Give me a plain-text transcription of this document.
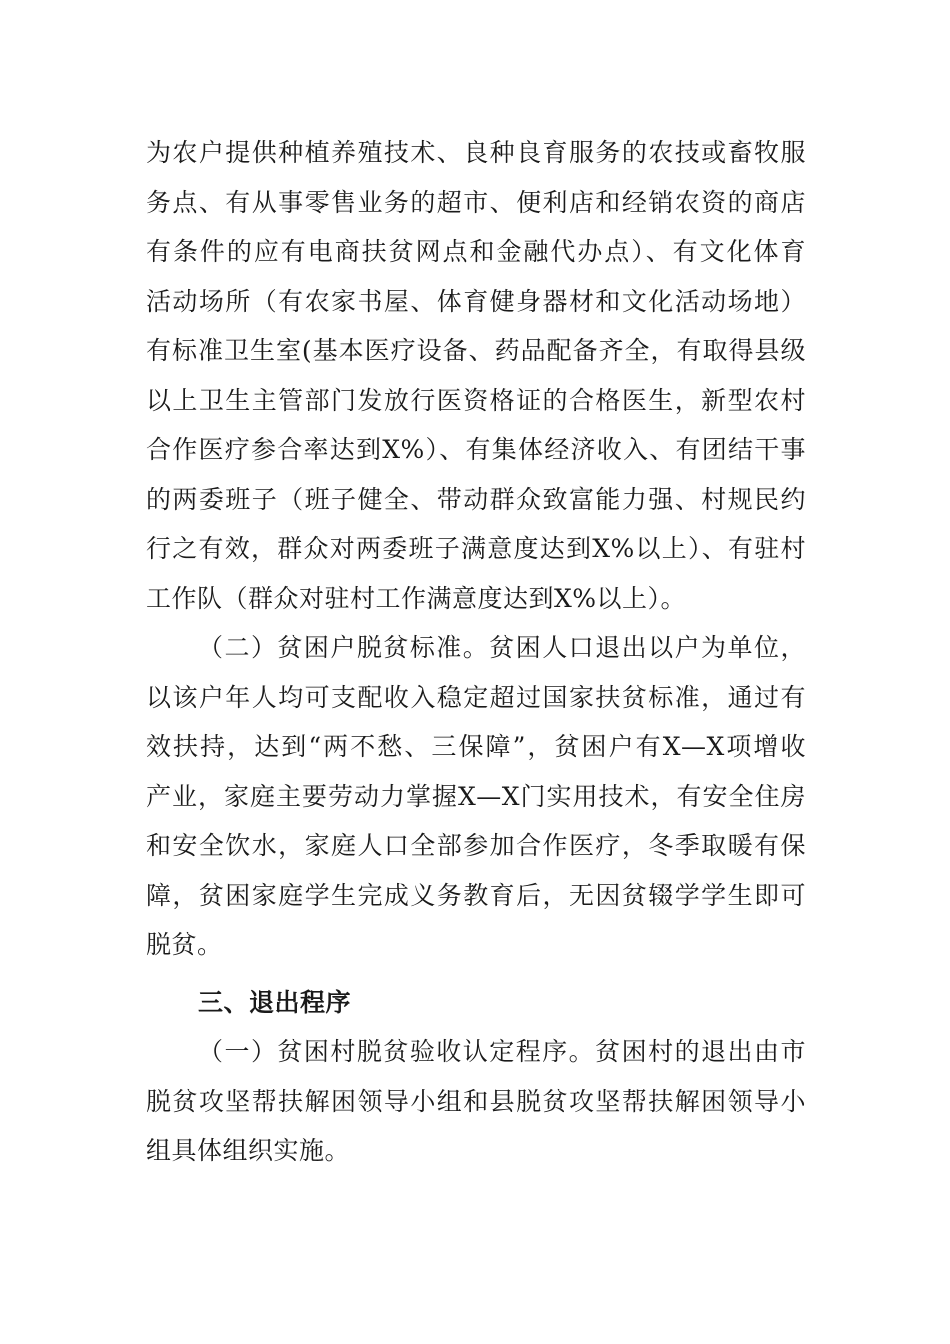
为农户提供种植养殖技术、良种良育服务的农技或畜牧服
务点、有从事零售业务的超市、便利店和经销农资的商店
有条件的应有电商扶贫网点和金融代办点）、有文化体育
活动场所（有农家书屋、体育健身器材和文化活动场地）
有标准卫生室(基本医疗设备、药品配备齐全，有取得县级
以上卫生主管部门发放行医资格证的合格医生，新型农村
合作医疗参合率达到X%）、有集体经济收入、有团结干事
的两委班子（班子健全、带动群众致富能力强、村规民约
行之有效，群众对两委班子满意度达到X%以上）、有驻村
工作队（群众对驻村工作满意度达到X%以上）。
（二）贫困户脱贫标准。贫困人口退出以户为单位，
以该户年人均可支配收入稳定超过国家扶贫标准，通过有
效扶持，达到“两不愁、三保障”，贫困户有X—X项增收
产业，家庭主要劳动力掌握X—X门实用技术，有安全住房
和安全饮水，家庭人口全部参加合作医疗，冬季取暖有保
障，贫困家庭学生完成义务教育后，无因贫辍学学生即可
脱贫。
三、退出程序
（一）贫困村脱贫验收认定程序。贫困村的退出由市
脱贫攻坚帮扶解困领导小组和县脱贫攻坚帮扶解困领导小
组具体组织实施。
